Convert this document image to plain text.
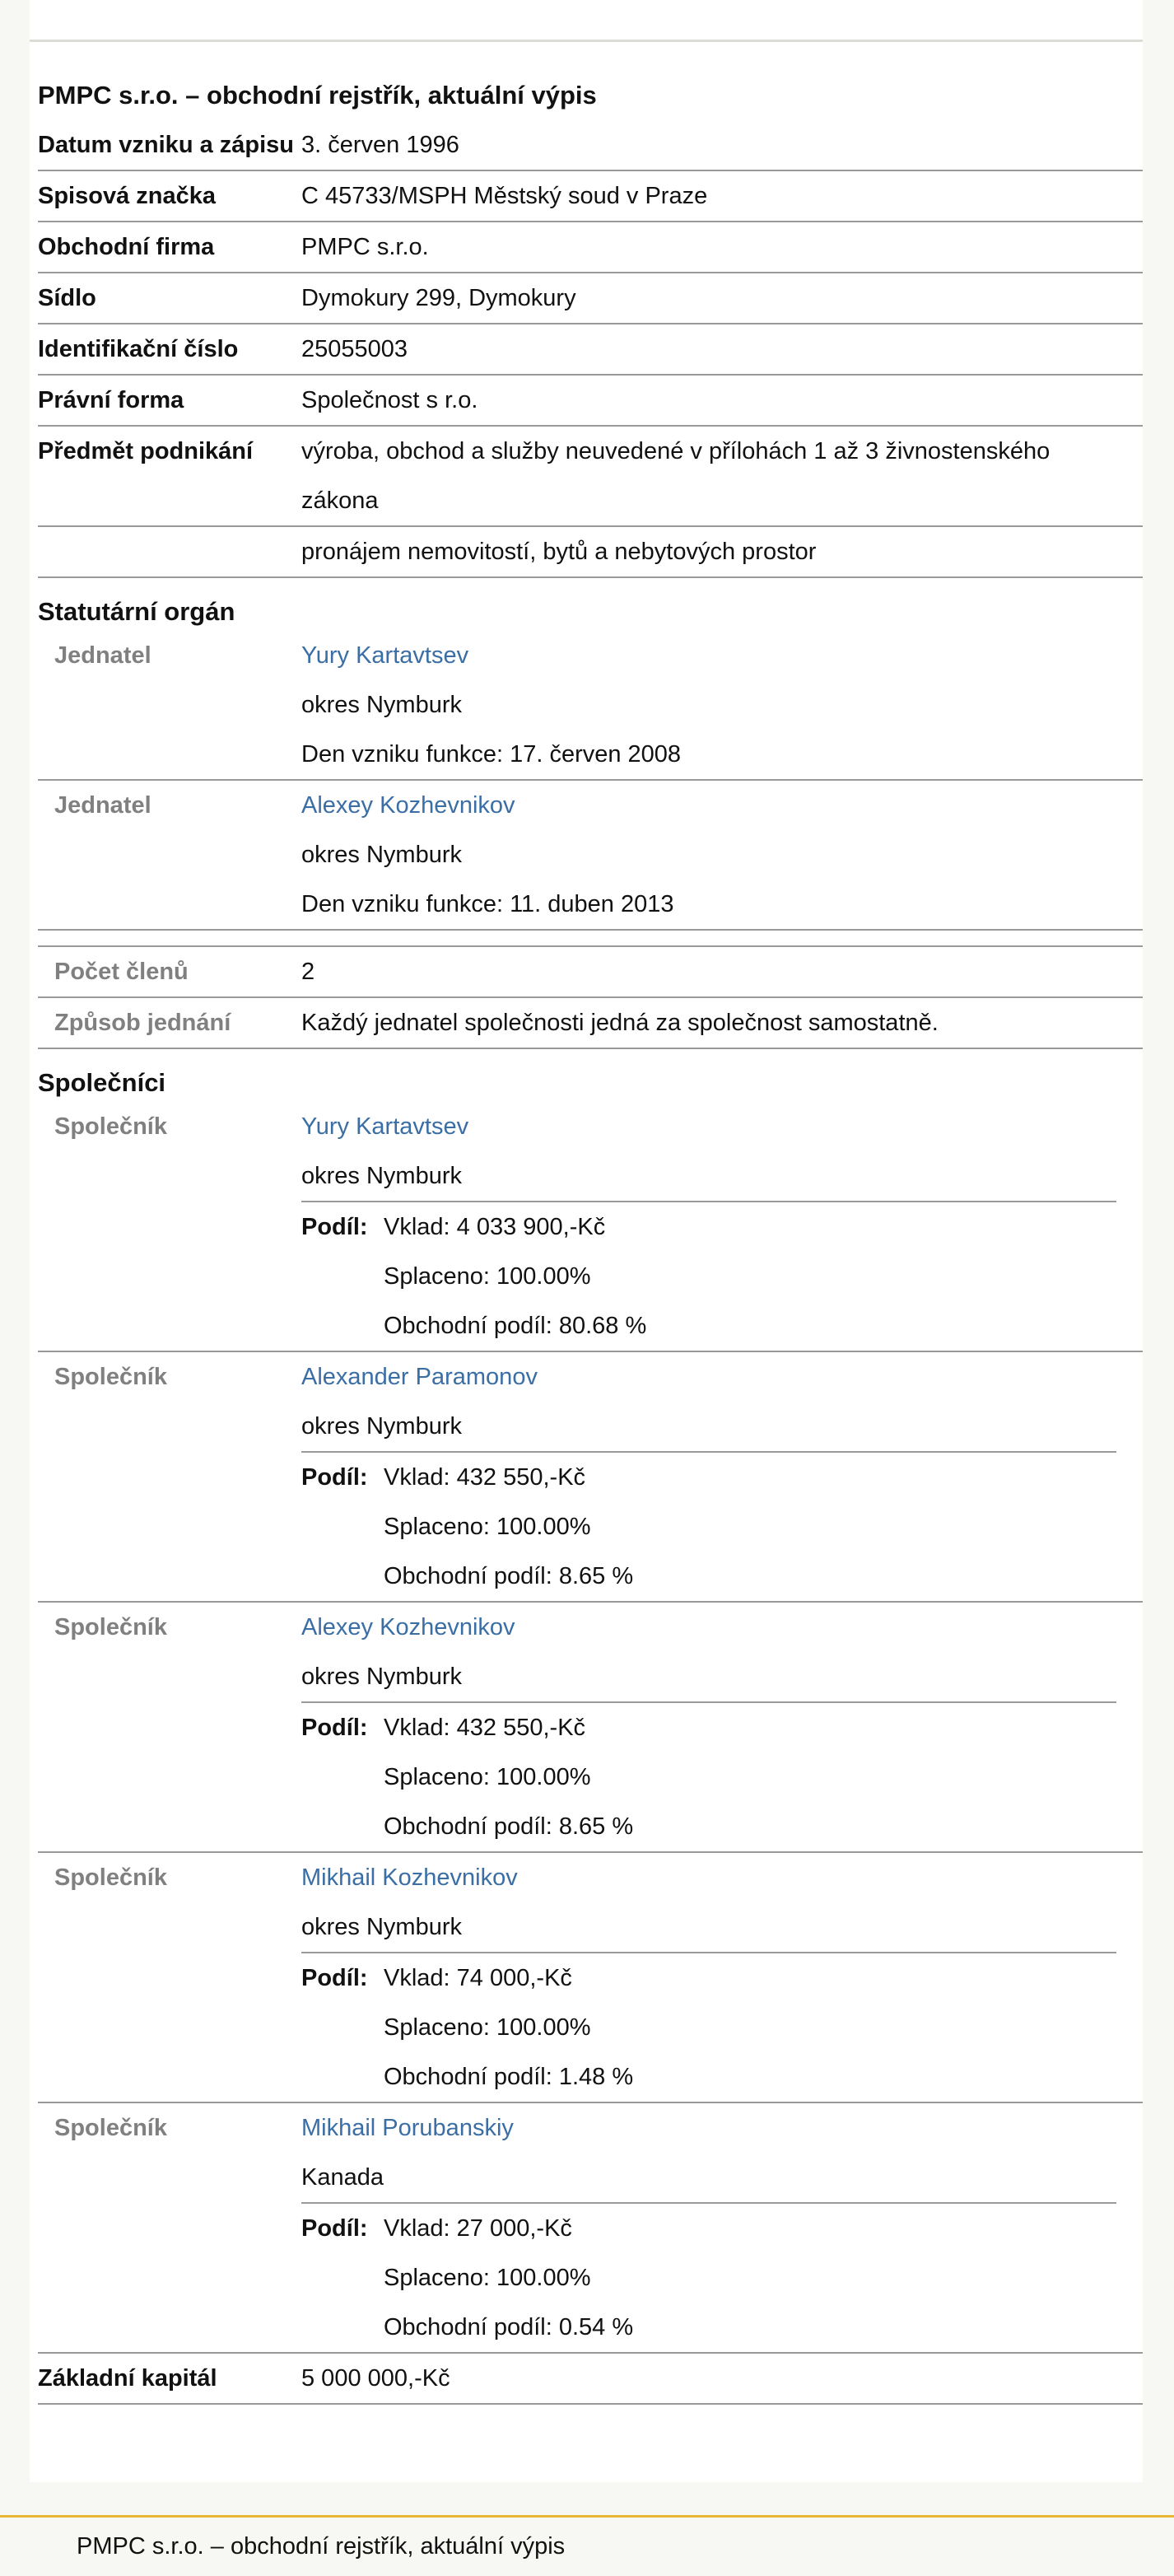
PMPC s.r.o. – obchodní rejstřík, aktuální výpis
Datum vzniku a zápisu 3. červen 1996
Spisová značka	C 45733/MSPH Městský soud v Praze
Obchodní firma	PMPC s.r.o.
Sídlo	Dymokury 299, Dymokury
Identifikační číslo	25055003
Právní forma	Společnost s r.o.
Předmět podnikání	výroba, obchod a služby neuvedené v přílohách 1 až 3 živnostenského zákona
pronájem nemovitostí, bytů a nebytových prostor
Statutární orgán
Jednatel	Yury Kartavtsev
okres Nymburk
Den vzniku funkce: 17. červen 2008
Jednatel	Alexey Kozhevnikov
okres Nymburk
Den vzniku funkce: 11. duben 2013
Počet členů	2
Způsob jednání	Každý jednatel společnosti jedná za společnost samostatně.
Společníci
Společník	Yury Kartavtsev
okres Nymburk
Podíl: Vklad: 4 033 900,-Kč
Splaceno: 100.00%
Obchodní podíl: 80.68 %
Společník	Alexander Paramonov
okres Nymburk
Podíl: Vklad: 432 550,-Kč
Splaceno: 100.00%
Obchodní podíl: 8.65 %
Společník	Alexey Kozhevnikov
okres Nymburk
Podíl: Vklad: 432 550,-Kč
Splaceno: 100.00%
Obchodní podíl: 8.65 %
Společník	Mikhail Kozhevnikov
okres Nymburk
Podíl: Vklad: 74 000,-Kč
Splaceno: 100.00%
Obchodní podíl: 1.48 %
Společník	Mikhail Porubanskiy
Kanada
Podíl: Vklad: 27 000,-Kč
Splaceno: 100.00%
Obchodní podíl: 0.54 %
Základní kapitál	5 000 000,-Kč
PMPC s.r.o. – obchodní rejstřík, aktuální výpis
